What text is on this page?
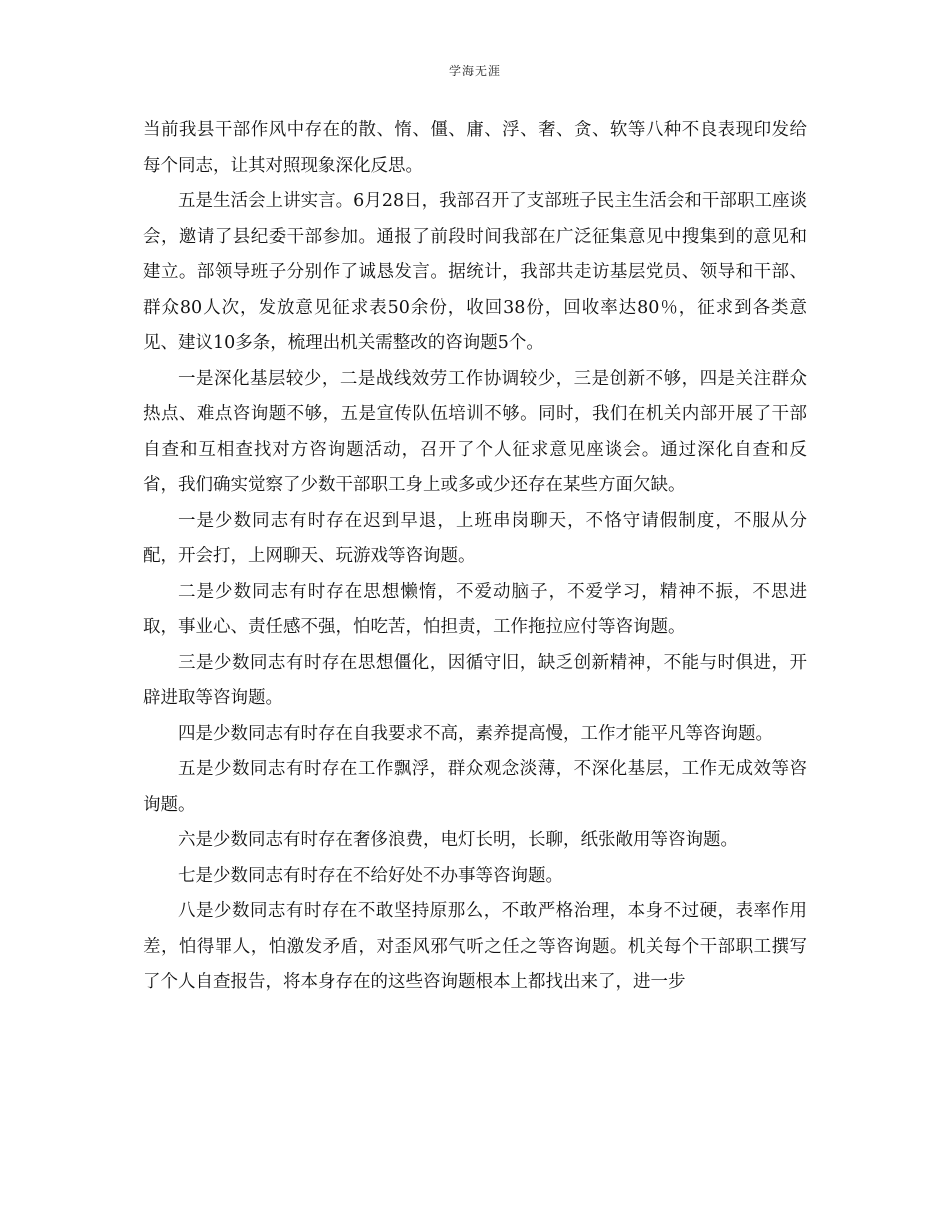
学海无涯

当前我县干部作风中存在的散、惰、僵、庸、浮、奢、贪、软等八种不良表现印发给每个同志，让其对照现象深化反思。

五是生活会上讲实言。6月28日，我部召开了支部班子民主生活会和干部职工座谈会，邀请了县纪委干部参加。通报了前段时间我部在广泛征集意见中搜集到的意见和建立。部领导班子分别作了诚恳发言。据统计，我部共走访基层党员、领导和干部、群众80人次，发放意见征求表50余份，收回38份，回收率达80％，征求到各类意见、建议10多条，梳理出机关需整改的咨询题5个。

一是深化基层较少，二是战线效劳工作协调较少，三是创新不够，四是关注群众热点、难点咨询题不够，五是宣传队伍培训不够。同时，我们在机关内部开展了干部自查和互相查找对方咨询题活动，召开了个人征求意见座谈会。通过深化自查和反省，我们确实觉察了少数干部职工身上或多或少还存在某些方面欠缺。

一是少数同志有时存在迟到早退，上班串岗聊天，不恪守请假制度，不服从分配，开会打，上网聊天、玩游戏等咨询题。

二是少数同志有时存在思想懒惰，不爱动脑子，不爱学习，精神不振，不思进取，事业心、责任感不强，怕吃苦，怕担责，工作拖拉应付等咨询题。

三是少数同志有时存在思想僵化，因循守旧，缺乏创新精神，不能与时俱进，开辟进取等咨询题。

四是少数同志有时存在自我要求不高，素养提高慢，工作才能平凡等咨询题。

五是少数同志有时存在工作飘浮，群众观念淡薄，不深化基层，工作无成效等咨询题。

六是少数同志有时存在奢侈浪费，电灯长明，长聊，纸张敞用等咨询题。

七是少数同志有时存在不给好处不办事等咨询题。

八是少数同志有时存在不敢坚持原那么，不敢严格治理，本身不过硬，表率作用差，怕得罪人，怕激发矛盾，对歪风邪气听之任之等咨询题。机关每个干部职工撰写了个人自查报告，将本身存在的这些咨询题根本上都找出来了，进一步
